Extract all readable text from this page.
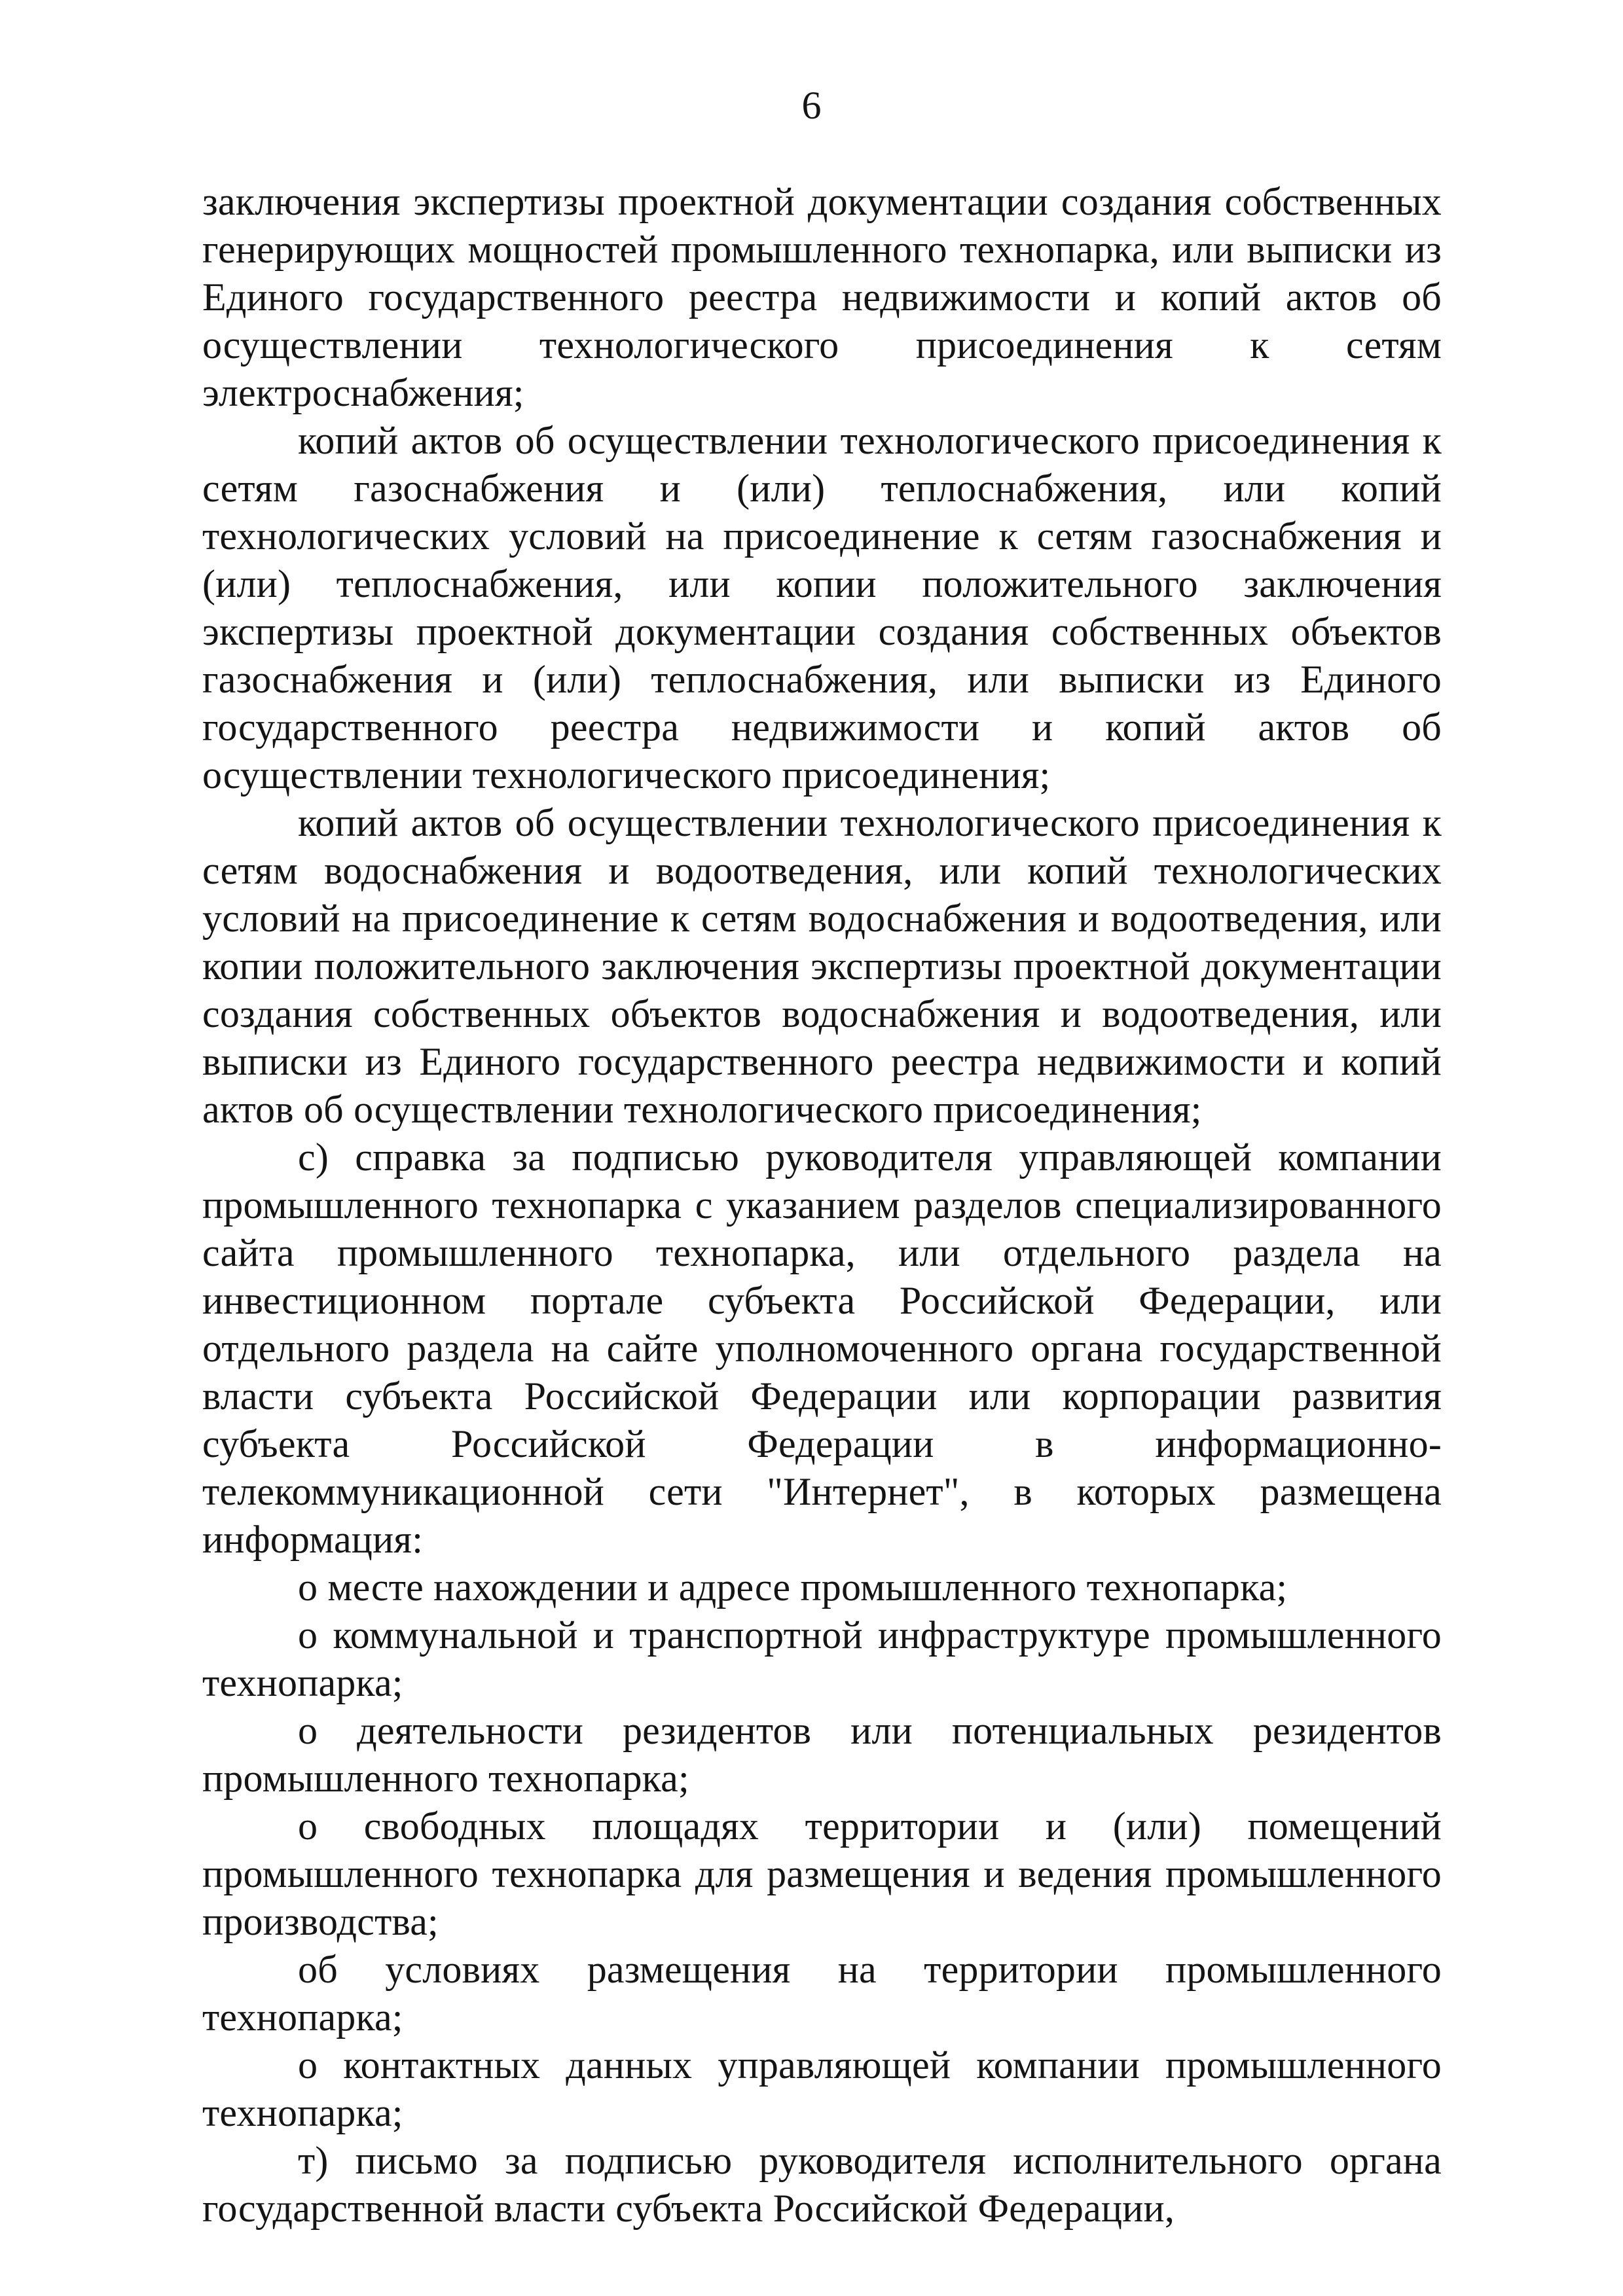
6

заключения экспертизы проектной документации создания собственных генерирующих мощностей промышленного технопарка, или выписки из Единого государственного реестра недвижимости и копий актов об осуществлении технологического присоединения к сетям электроснабжения;

копий актов об осуществлении технологического присоединения к сетям газоснабжения и (или) теплоснабжения, или копий технологических условий на присоединение к сетям газоснабжения и (или) теплоснабжения, или копии положительного заключения экспертизы проектной документации создания собственных объектов газоснабжения и (или) теплоснабжения, или выписки из Единого государственного реестра недвижимости и копий актов об осуществлении технологического присоединения;

копий актов об осуществлении технологического присоединения к сетям водоснабжения и водоотведения, или копий технологических условий на присоединение к сетям водоснабжения и водоотведения, или копии положительного заключения экспертизы проектной документации создания собственных объектов водоснабжения и водоотведения, или выписки из Единого государственного реестра недвижимости и копий актов об осуществлении технологического присоединения;

с) справка за подписью руководителя управляющей компании промышленного технопарка с указанием разделов специализированного сайта промышленного технопарка, или отдельного раздела на инвестиционном портале субъекта Российской Федерации, или отдельного раздела на сайте уполномоченного органа государственной власти субъекта Российской Федерации или корпорации развития субъекта Российской Федерации в информационно-телекоммуникационной сети "Интернет", в которых размещена информация:

о месте нахождении и адресе промышленного технопарка;

о коммунальной и транспортной инфраструктуре промышленного технопарка;

о деятельности резидентов или потенциальных резидентов промышленного технопарка;

о свободных площадях территории и (или) помещений промышленного технопарка для размещения и ведения промышленного производства;

об условиях размещения на территории промышленного технопарка;

о контактных данных управляющей компании промышленного технопарка;

т) письмо за подписью руководителя исполнительного органа государственной власти субъекта Российской Федерации,
